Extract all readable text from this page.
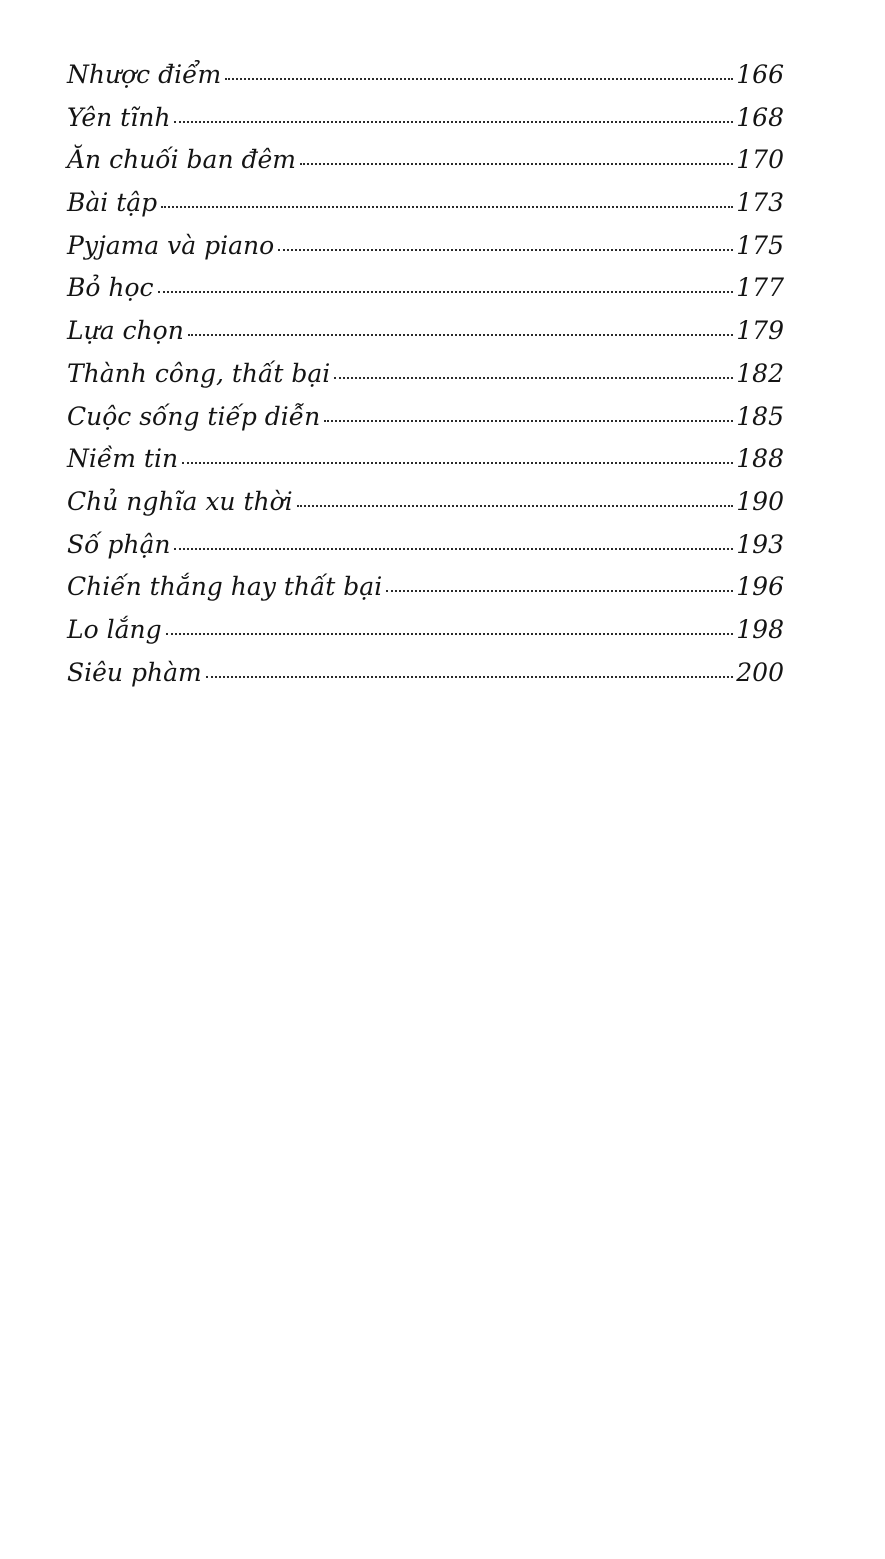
Nhược điểm	166
Yên tĩnh	168
Ăn chuối ban đêm	170
Bài tập	173
Pyjama và piano	175
Bỏ học	177
Lựa chọn	179
Thành công, thất bại	182
Cuộc sống tiếp diễn	185
Niềm tin	188
Chủ nghĩa xu thời	190
Số phận	193
Chiến thắng hay thất bại	196
Lo lắng	198
Siêu phàm	200
